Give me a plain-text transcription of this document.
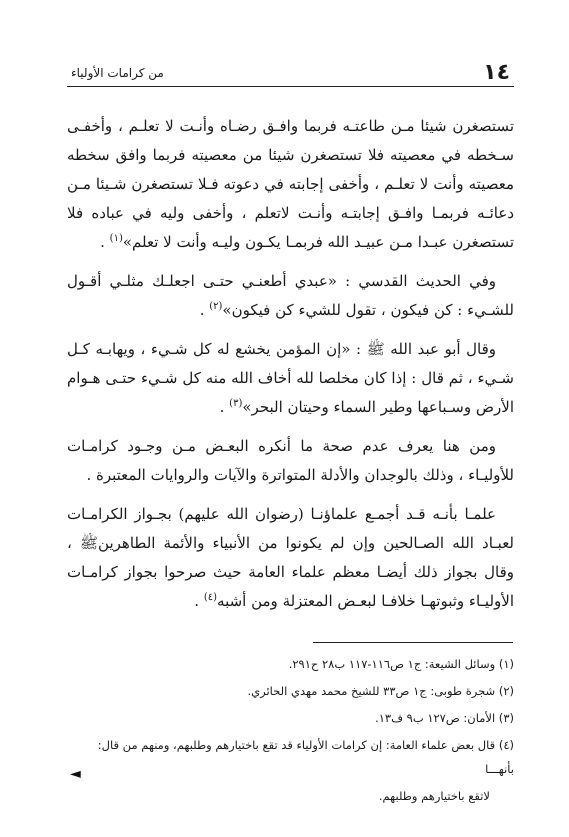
١٤
من كرامات الأولياء

تستصغرن شيئا مـن طاعتـه فربما وافـق رضـاه وأنـت لا تعلـم ، وأخفـى سـخطه في معصيته فلا تستصغرن شيئا من معصيته فربما وافق سخطه معصيته وأنت لا تعلـم ، وأخفى إجابته في دعوته فـلا تستصغرن شـيئا مـن دعائـه فربمـا وافـق إجابتـه وأنـت لاتعلم ، وأخفى وليه في عباده فلا تستصغرن عبـدا مـن عبيـد الله فربمـا يكـون وليـه وأنت لا تعلم»$^{(١)}$ .

وفي الحديث القدسي : «عبدي أطعنـي حتـى اجعلـك مثلـي أقـول للشـيء : كن فيكون ، تقول للشيء كن فيكون»$^{(٢)}$ .

وقال أبو عبد الله ﷺ : «إن المؤمن يخشع له كل شـيء ، ويهابـه كـل شـيء ، ثم قال : إذا كان مخلصا لله أخاف الله منه كل شـيء حتـى هـوام الأرض وسـباعها وطير السماء وحيتان البحر»$^{(٣)}$ .

ومن هنا يعرف عدم صحة ما أنكره البعـض مـن وجـود كرامـات للأوليـاء ، وذلك بالوجدان والأدلة المتواترة والآيات والروايات المعتبرة .

علمـا بأنـه قـد أجمـع علماؤنـا (رضوان الله عليهم) بجـواز الكرامـات لعبـاد الله الصـالحين وإن لم يكونوا من الأنبياء والأئمة الطاهرينﷺ ، وقال بجواز ذلك أيضـا معظم علماء العامة حيث صرحوا بجواز كرامـات الأوليـاء وثبوتهـا خلافـا لبعـض المعتزلة ومن أشبه$^{(٤)}$ .

(١) وسائل الشيعة: ج١ ص١١٦-١١٧ ب٢٨ ح٢٩١.

(٢) شجرة طوبى: ج١ ص٣٣ للشيخ محمد مهدي الحائري.

(٣) الأمان: ص١٢٧ ب٩ ف١٣.

(٤) قال بعض علماء العامة: إن كرامات الأولياء قد تقع باختيارهم وطلبهم، ومنهم من قال: بأنهـــا

لاتقع باختيارهم وطلبهم.

◄
